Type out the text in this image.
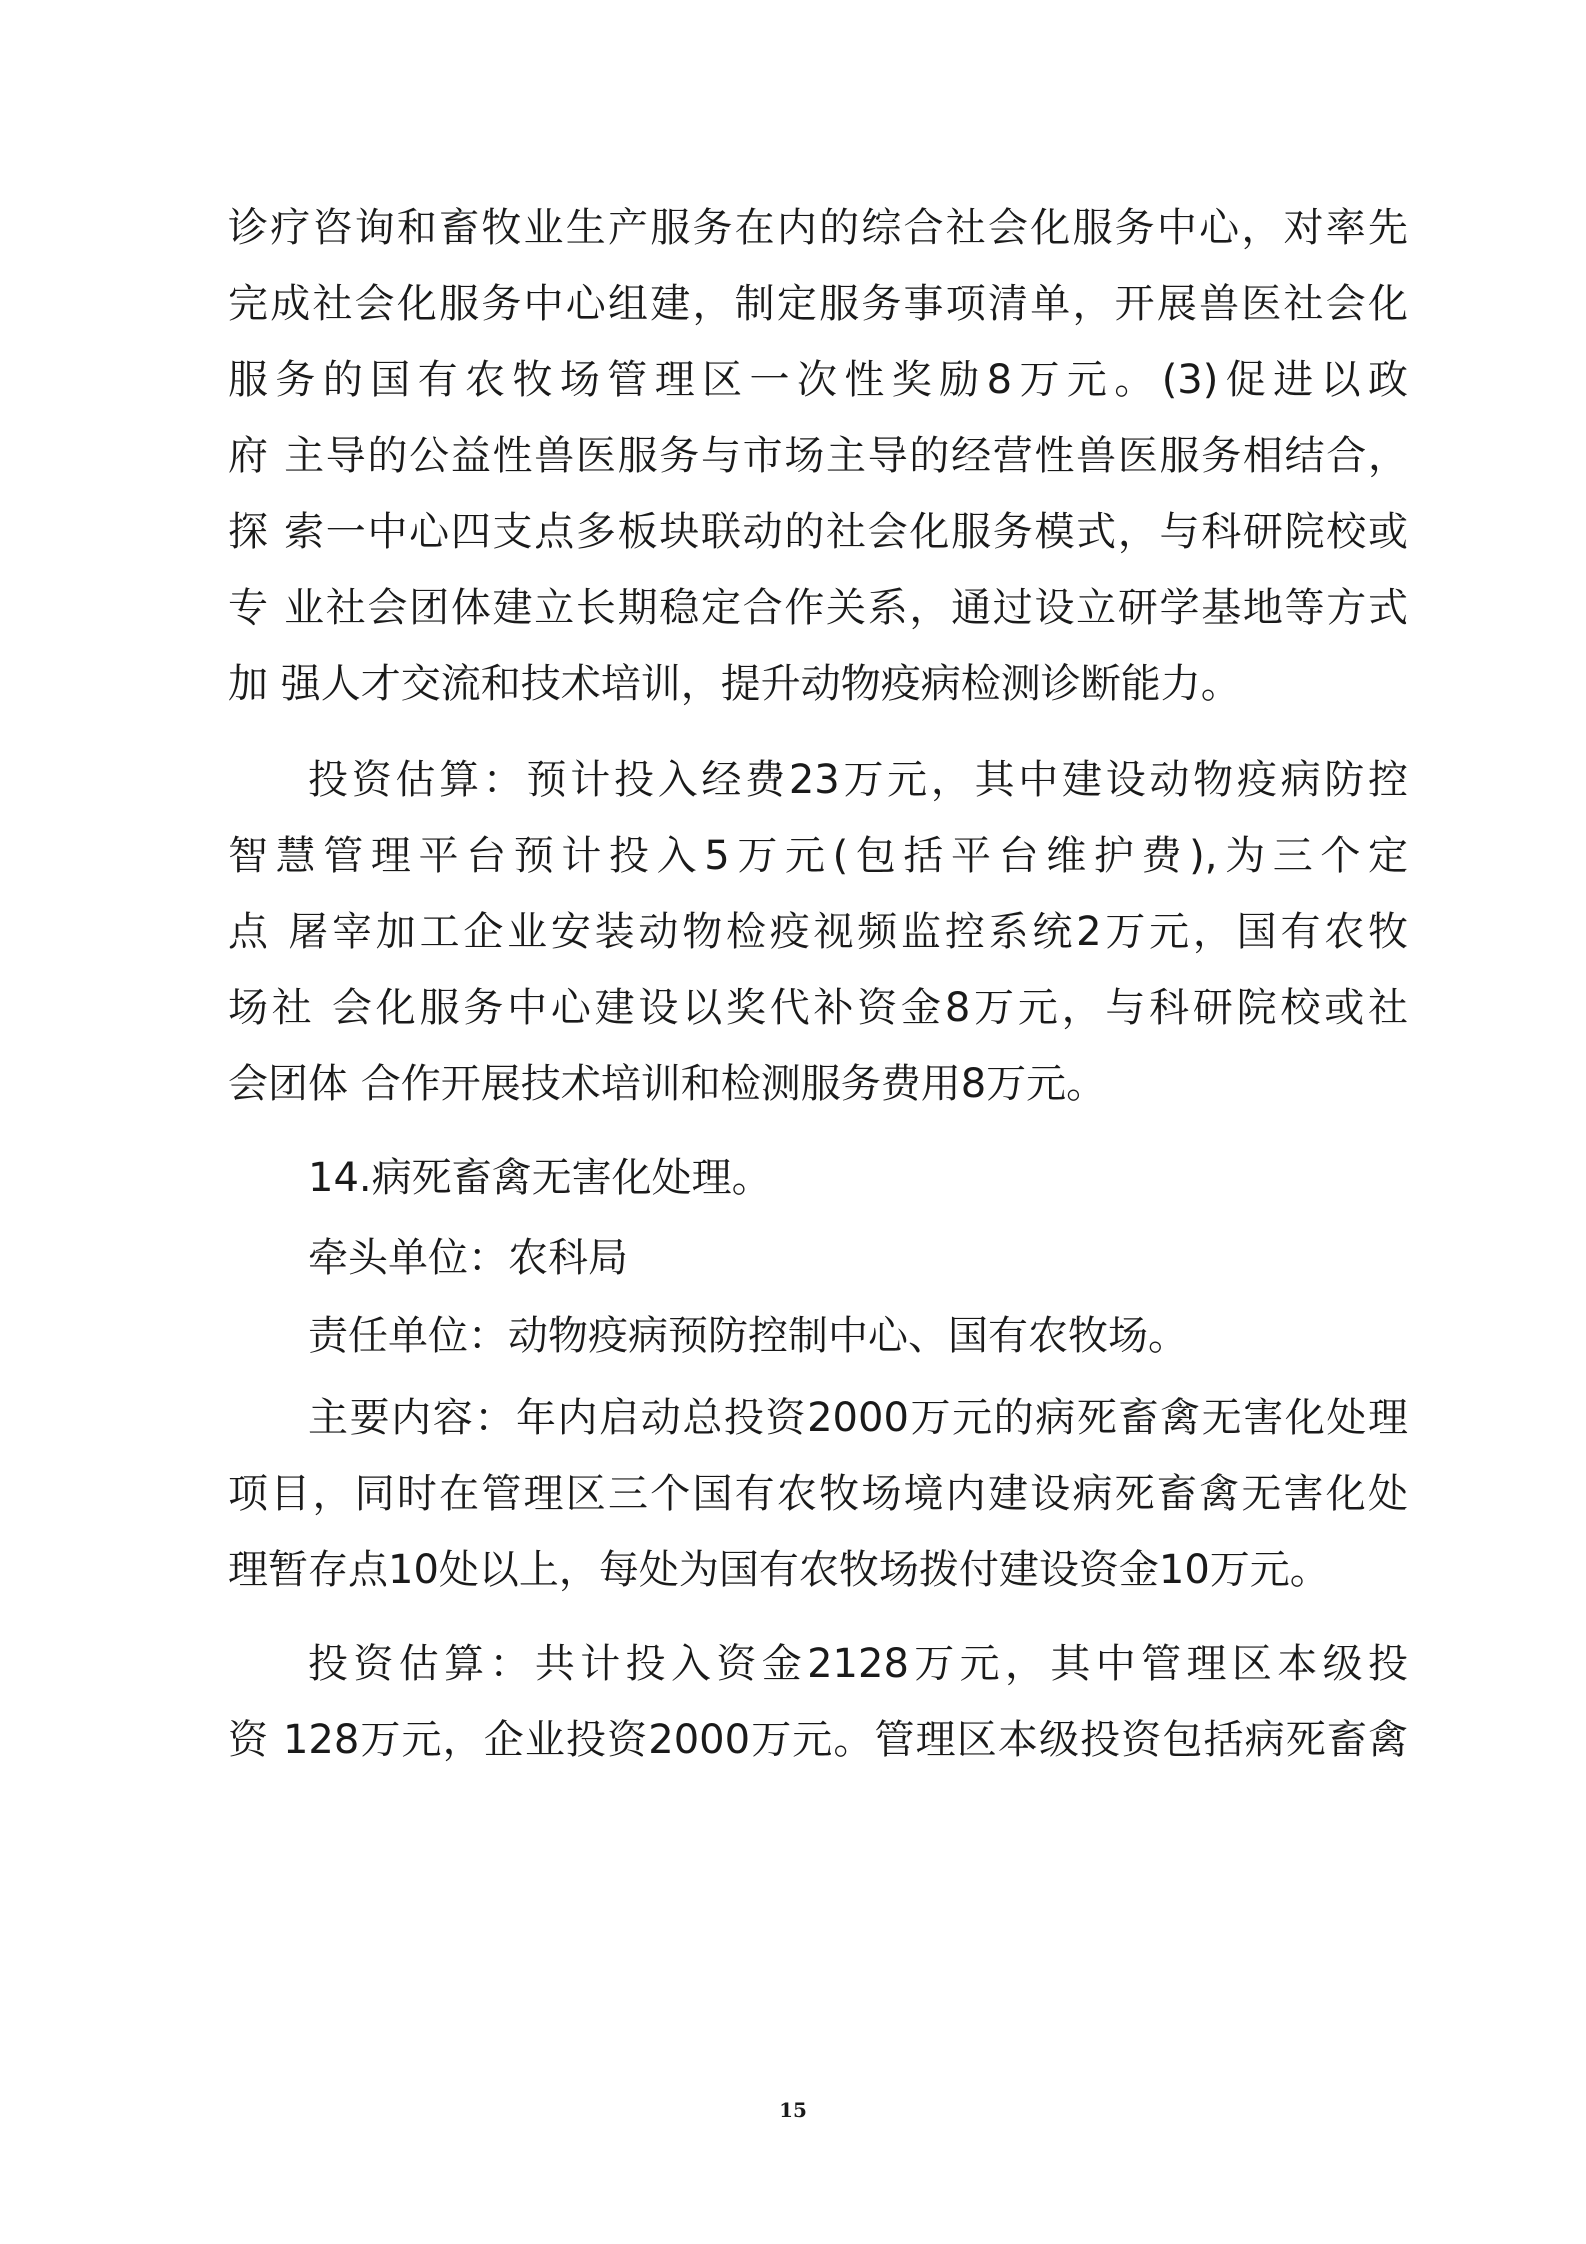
诊疗咨询和畜牧业生产服务在内的综合社会化服务中心，对率先
完成社会化服务中心组建，制定服务事项清单，开展兽医社会化
服务的国有农牧场管理区一次性奖励8万元。(3)促进以政
府 主导的公益性兽医服务与市场主导的经营性兽医服务相结合，
探 索一中心四支点多板块联动的社会化服务模式，与科研院校或
专 业社会团体建立长期稳定合作关系，通过设立研学基地等方式
加 强人才交流和技术培训，提升动物疫病检测诊断能力。
投资估算：预计投入经费23万元，其中建设动物疫病防控
智慧管理平台预计投入5万元(包括平台维护费),为三个定
点 屠宰加工企业安装动物检疫视频监控系统2万元，国有农牧
场社 会化服务中心建设以奖代补资金8万元，与科研院校或社
会团体 合作开展技术培训和检测服务费用8万元。
14.病死畜禽无害化处理。
牵头单位：农科局
责任单位：动物疫病预防控制中心、国有农牧场。
主要内容：年内启动总投资2000万元的病死畜禽无害化处理
项目，同时在管理区三个国有农牧场境内建设病死畜禽无害化处
理暂存点10处以上，每处为国有农牧场拨付建设资金10万元。
投资估算：共计投入资金2128万元，其中管理区本级投
资 128万元，企业投资2000万元。管理区本级投资包括病死畜禽
15
